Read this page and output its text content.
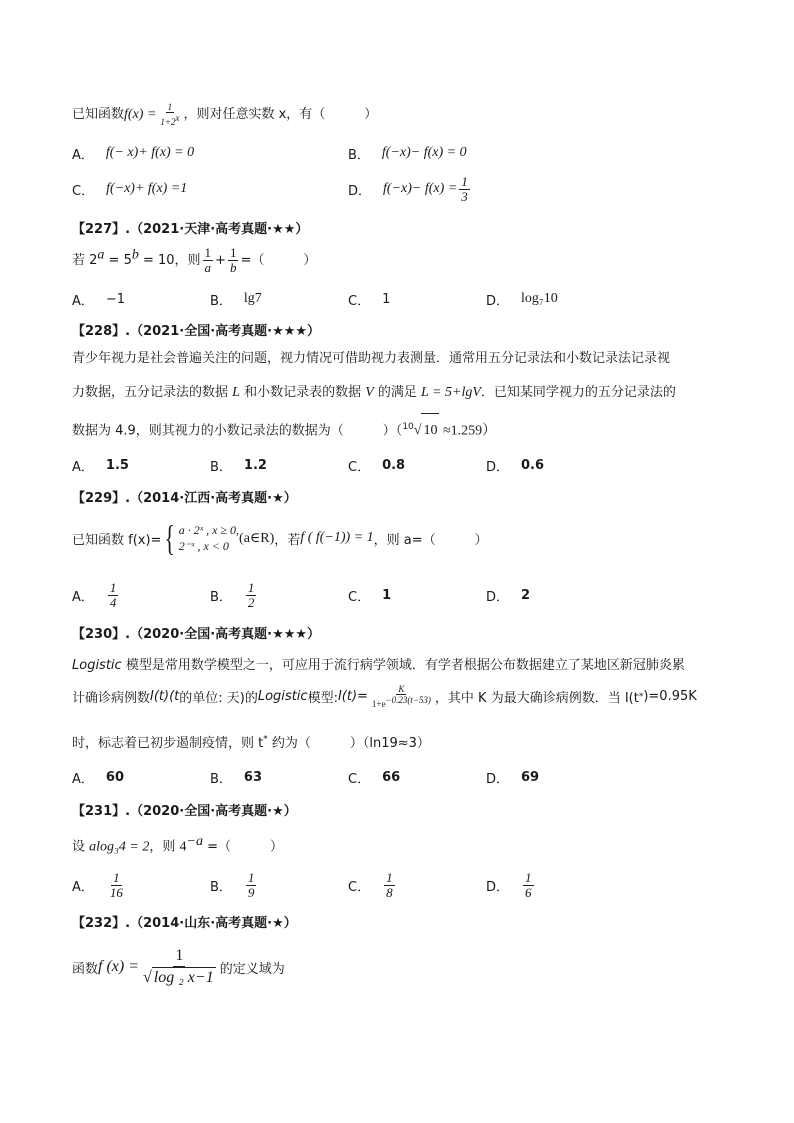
已知函数$f(x) = \frac{1}{1+2^x}$ ，则对任意实数 x，有（　　　）
A． f(− x)+ f(x) = 0	B． f(−x)− f(x) = 0
C． f(−x)+ f(x) =1	D． $f(-x)- f(x) = \frac{1}{3}$
【227】.（2021·天津·高考真题·★★）
若 $2^a = 5^b = 10$，则 $\frac{1}{a} + \frac{1}{b}$ =（　　　）
A． −1	B． lg7	C． 1	D． log₇10
【228】.（2021·全国·高考真题·★★★）
青少年视力是社会普遍关注的问题，视力情况可借助视力表测量．通常用五分记录法和小数记录法记录视
力数据，五分记录法的数据 L 和小数记录表的数据 V 的满足 L = 5+lgV．已知某同学视力的五分记录法的
数据为 4.9，则其视力的小数记录法的数据为（　　　）（$^{10}$√ 10 ≈1.259）
A． 1.5	B． 1.2	C． 0.8	D． 0.6
【229】.（2014·江西·高考真题·★）
已知函数 f(x)= { a · 2ˣ , x ≥ 0,
2⁻ˣ , x < 0
(a∈R) ，若 f ( f(−1)) = 1 ，则 a=（　　　）
A． $\frac{1}{4}$	B． $\frac{1}{2}$	C． 1	D． 2
【230】.（2020·全国·高考真题·★★★）
Logistic 模型是常用数学模型之一，可应用于流行病学领域．有学者根据公布数据建立了某地区新冠肺炎累
计确诊病例数 I(t)(t 的单位: 天)的 Logistic 模型: $I(t)= \frac{K}{1+e^{-0.23(t-53)}}$ ，其中 K 为最大确诊病例数．当 I(t * )=0.95K
时，标志着已初步遏制疫情，则 t* 约为（　　　）（ln19≈3）
A． 60	B． 63	C． 66	D． 69
【231】.（2020·全国·高考真题·★）
设 alog₃4 = 2，则 $4^{-a}$ =（　　　）
A． $\frac{1}{16}$	B． $\frac{1}{9}$	C． $\frac{1}{8}$	D． $\frac{1}{6}$
【232】.（2014·山东·高考真题·★）
函数 f $(x) = \frac{1}{\text{√ log ₂ x−1}}$ 的定义域为
